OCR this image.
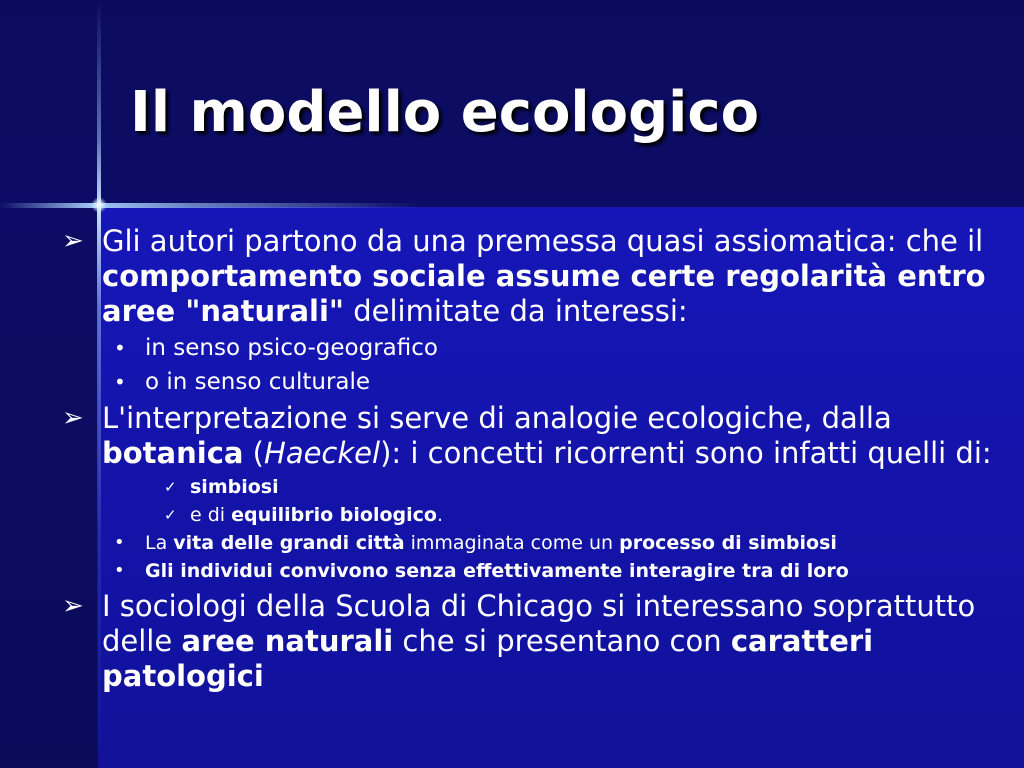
Il modello ecologico
➢ Gli autori partono da una premessa quasi assiomatica: che il comportamento sociale assume certe regolarità entro aree "naturali" delimitate da interessi:
• in senso psico-geografico
• o in senso culturale
➢ L'interpretazione si serve di analogie ecologiche, dalla botanica (Haeckel): i concetti ricorrenti sono infatti quelli di:
✓ simbiosi
✓ e di equilibrio biologico.
• La vita delle grandi città immaginata come un processo di simbiosi
• Gli individui convivono senza effettivamente interagire tra di loro
➢ I sociologi della Scuola di Chicago si interessano soprattutto delle aree naturali che si presentano con caratteri patologici
